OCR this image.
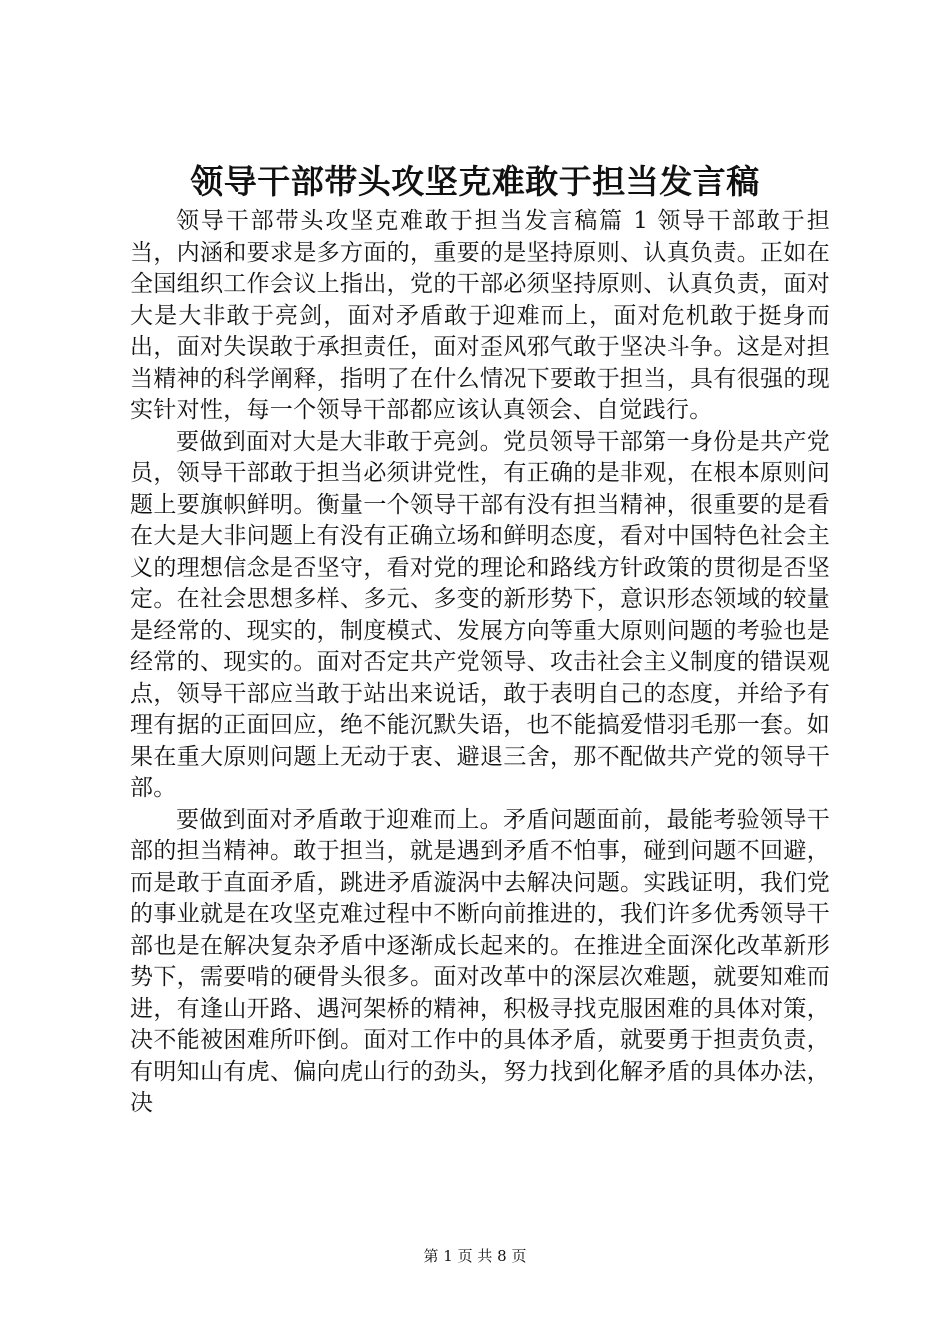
领导干部带头攻坚克难敢于担当发言稿

领导干部带头攻坚克难敢于担当发言稿篇 1 领导干部敢于担当，内涵和要求是多方面的，重要的是坚持原则、认真负责。正如在全国组织工作会议上指出，党的干部必须坚持原则、认真负责，面对大是大非敢于亮剑，面对矛盾敢于迎难而上，面对危机敢于挺身而出，面对失误敢于承担责任，面对歪风邪气敢于坚决斗争。这是对担当精神的科学阐释，指明了在什么情况下要敢于担当，具有很强的现实针对性，每一个领导干部都应该认真领会、自觉践行。

要做到面对大是大非敢于亮剑。党员领导干部第一身份是共产党员，领导干部敢于担当必须讲党性，有正确的是非观，在根本原则问题上要旗帜鲜明。衡量一个领导干部有没有担当精神，很重要的是看在大是大非问题上有没有正确立场和鲜明态度，看对中国特色社会主义的理想信念是否坚守，看对党的理论和路线方针政策的贯彻是否坚定。在社会思想多样、多元、多变的新形势下，意识形态领域的较量是经常的、现实的，制度模式、发展方向等重大原则问题的考验也是经常的、现实的。面对否定共产党领导、攻击社会主义制度的错误观点，领导干部应当敢于站出来说话，敢于表明自己的态度，并给予有理有据的正面回应，绝不能沉默失语，也不能搞爱惜羽毛那一套。如果在重大原则问题上无动于衷、避退三舍，那不配做共产党的领导干部。

要做到面对矛盾敢于迎难而上。矛盾问题面前，最能考验领导干部的担当精神。敢于担当，就是遇到矛盾不怕事，碰到问题不回避，而是敢于直面矛盾，跳进矛盾漩涡中去解决问题。实践证明，我们党的事业就是在攻坚克难过程中不断向前推进的，我们许多优秀领导干部也是在解决复杂矛盾中逐渐成长起来的。在推进全面深化改革新形势下，需要啃的硬骨头很多。面对改革中的深层次难题，就要知难而进，有逢山开路、遇河架桥的精神，积极寻找克服困难的具体对策，决不能被困难所吓倒。面对工作中的具体矛盾，就要勇于担责负责，有明知山有虎、偏向虎山行的劲头，努力找到化解矛盾的具体办法，决

第 1 页 共 8 页
